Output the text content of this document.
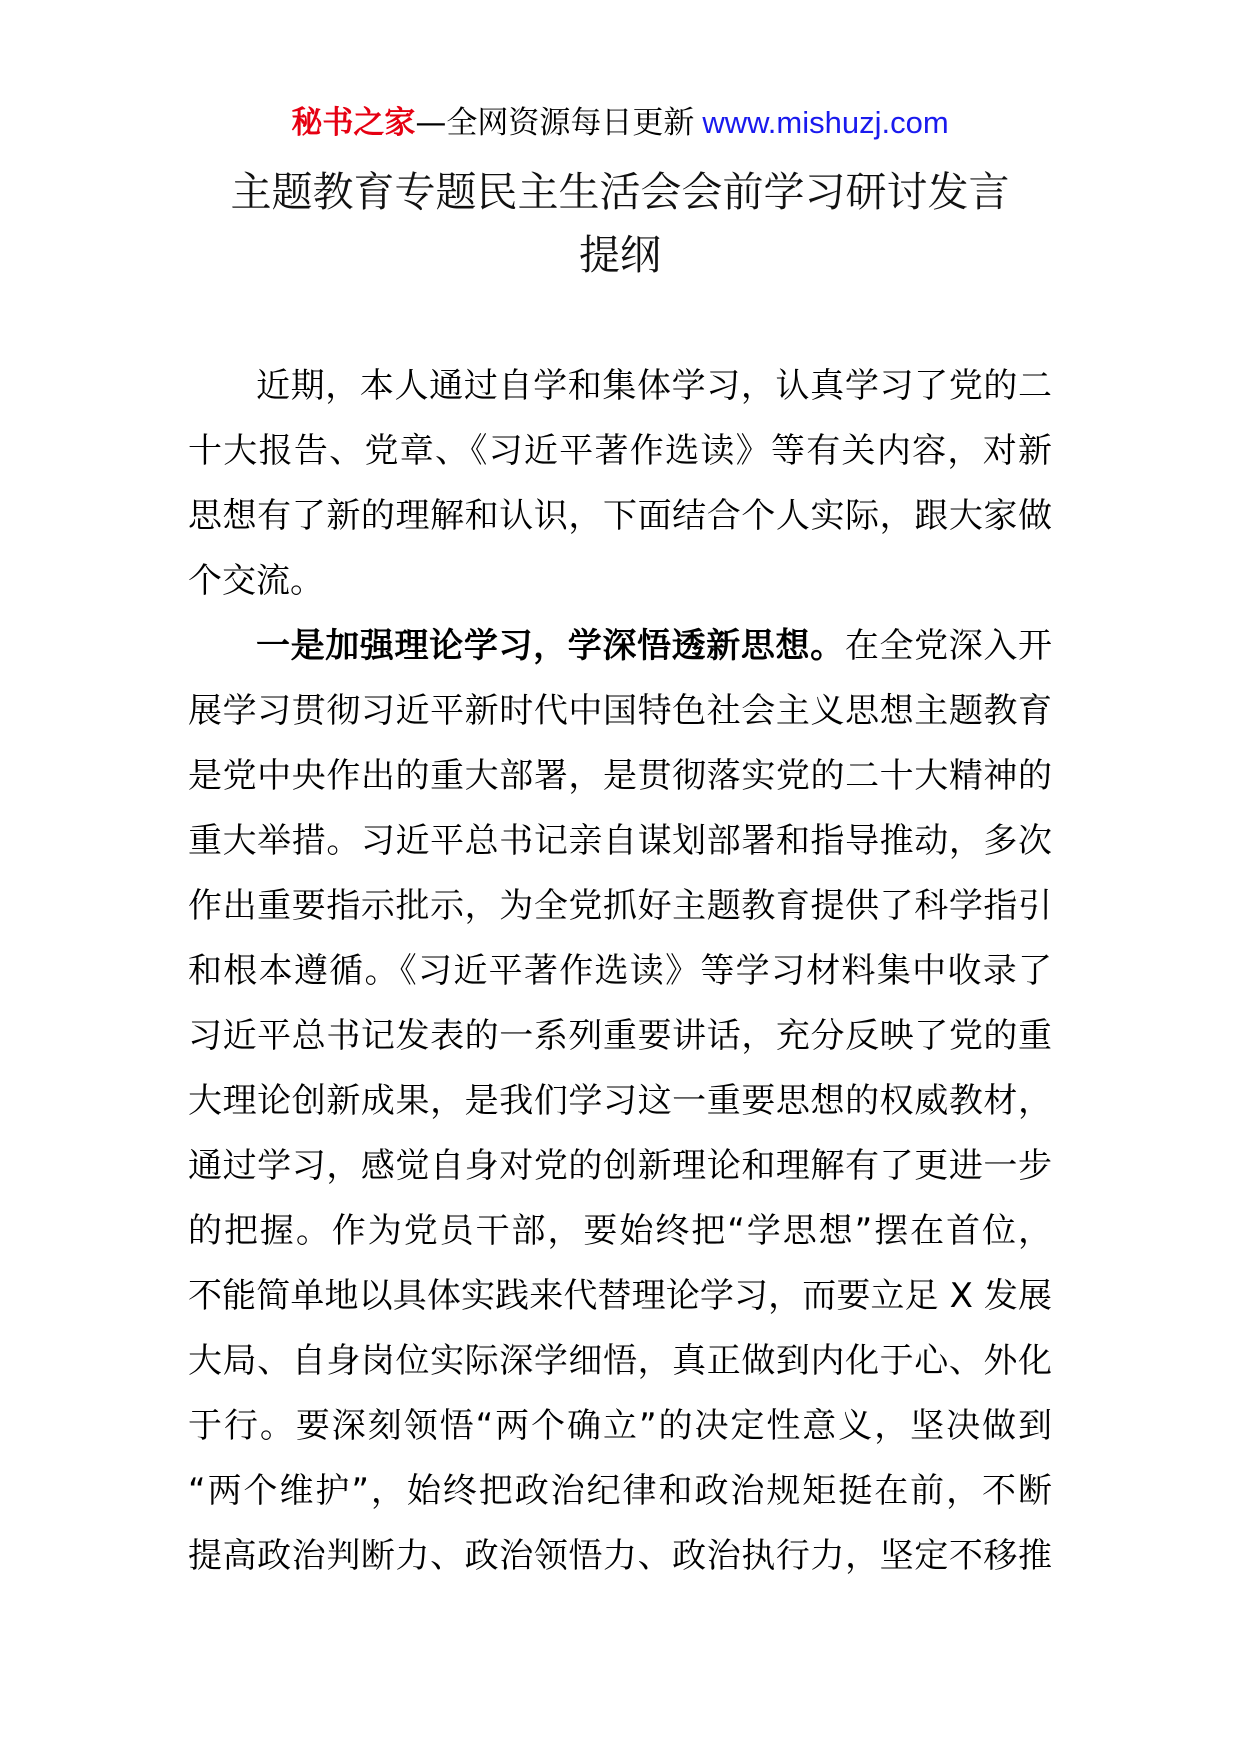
秘书之家—全网资源每日更新 www.mishuzj.com
主题教育专题民主生活会会前学习研讨发言
提纲
近期，本人通过自学和集体学习，认真学习了党的二
十大报告、党章、《习近平著作选读》等有关内容，对新
思想有了新的理解和认识，下面结合个人实际，跟大家做
个交流。
一是加强理论学习，学深悟透新思想。在全党深入开
展学习贯彻习近平新时代中国特色社会主义思想主题教育
是党中央作出的重大部署，是贯彻落实党的二十大精神的
重大举措。习近平总书记亲自谋划部署和指导推动，多次
作出重要指示批示，为全党抓好主题教育提供了科学指引
和根本遵循。《习近平著作选读》等学习材料集中收录了
习近平总书记发表的一系列重要讲话，充分反映了党的重
大理论创新成果，是我们学习这一重要思想的权威教材，
通过学习，感觉自身对党的创新理论和理解有了更进一步
的把握。作为党员干部，要始终把“学思想”摆在首位，
不能简单地以具体实践来代替理论学习，而要立足 X 发展
大局、自身岗位实际深学细悟，真正做到内化于心、外化
于行。要深刻领悟“两个确立”的决定性意义，坚决做到
“两个维护”，始终把政治纪律和政治规矩挺在前，不断
提高政治判断力、政治领悟力、政治执行力，坚定不移推
